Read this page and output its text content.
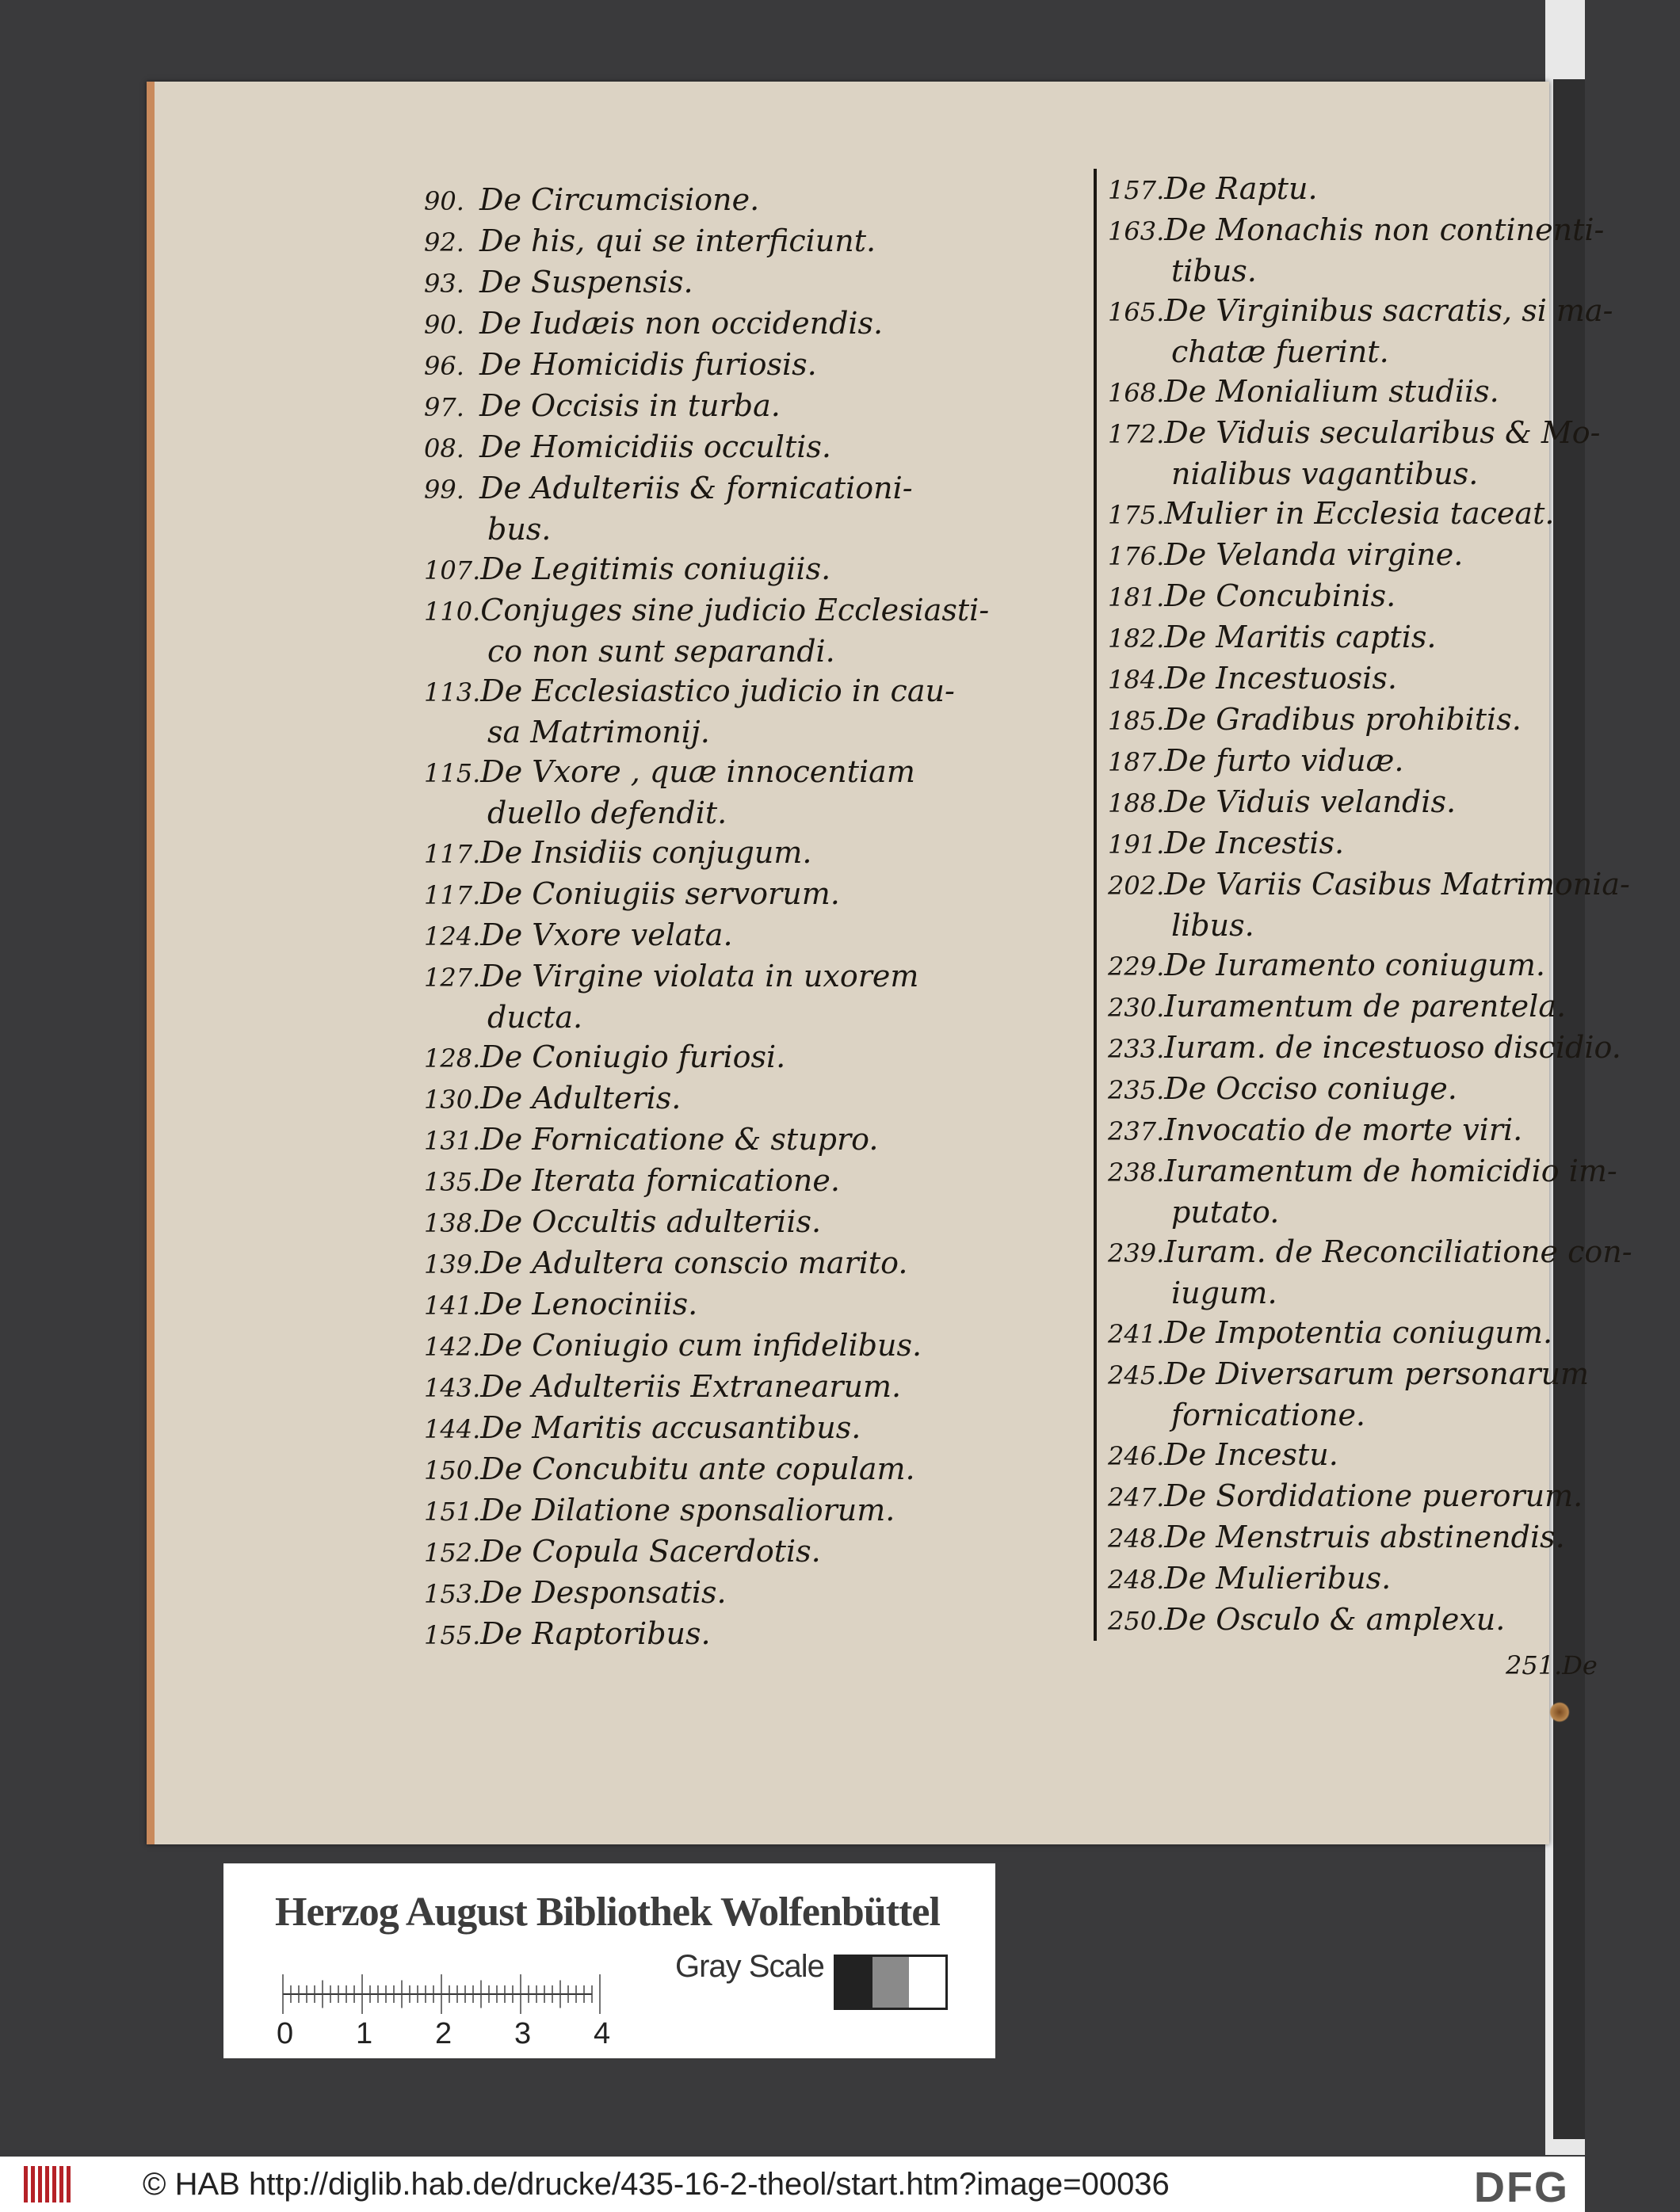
90. De Circumcisione.
92. De his, qui se interficiunt.
93. De Suspensis.
90. De Iudæis non occidendis.
96. De Homicidis furiosis.
97. De Occisis in turba.
08. De Homicidiis occultis.
99. De Adulteriis & fornicationi-
bus.
107.De Legitimis coniugiis.
110.Conjuges sine judicio Ecclesiasti-
co non sunt separandi.
113.De Ecclesiastico judicio in cau-
sa Matrimonij.
115.De Vxore , quæ innocentiam
duello defendit.
117.De Insidiis conjugum.
117.De Coniugiis servorum.
124.De Vxore velata.
127.De Virgine violata in uxorem
ducta.
128.De Coniugio furiosi.
130.De Adulteris.
131.De Fornicatione & stupro.
135.De Iterata fornicatione.
138.De Occultis adulteriis.
139.De Adultera conscio marito.
141.De Lenociniis.
142.De Coniugio cum infidelibus.
143.De Adulteriis Extranearum.
144.De Maritis accusantibus.
150.De Concubitu ante copulam.
151.De Dilatione sponsaliorum.
152.De Copula Sacerdotis.
153.De Desponsatis.
155.De Raptoribus.
157.De Raptu.
163.De Monachis non continenti-
tibus.
165.De Virginibus sacratis, si ma-
chatæ fuerint.
168.De Monialium studiis.
172.De Viduis secularibus & Mo-
nialibus vagantibus.
175.Mulier in Ecclesia taceat.
176.De Velanda virgine.
181.De Concubinis.
182.De Maritis captis.
184.De Incestuosis.
185.De Gradibus prohibitis.
187.De furto viduæ.
188.De Viduis velandis.
191.De Incestis.
202.De Variis Casibus Matrimonia-
libus.
229.De Iuramento coniugum.
230.Iuramentum de parentela.
233.Iuram. de incestuoso discidio.
235.De Occiso coniuge.
237.Invocatio de morte viri.
238.Iuramentum de homicidio im-
putato.
239.Iuram. de Reconciliatione con-
iugum.
241.De Impotentia coniugum.
245.De Diversarum personarum
fornicatione.
246.De Incestu.
247.De Sordidatione puerorum.
248.De Menstruis abstinendis.
248.De Mulieribus.
250.De Osculo & amplexu.
251.De
Herzog August Bibliothek Wolfenbüttel
0 1 2 3 4
Gray Scale
© HAB http://diglib.hab.de/drucke/435-16-2-theol/start.htm?image=00036	DFG
